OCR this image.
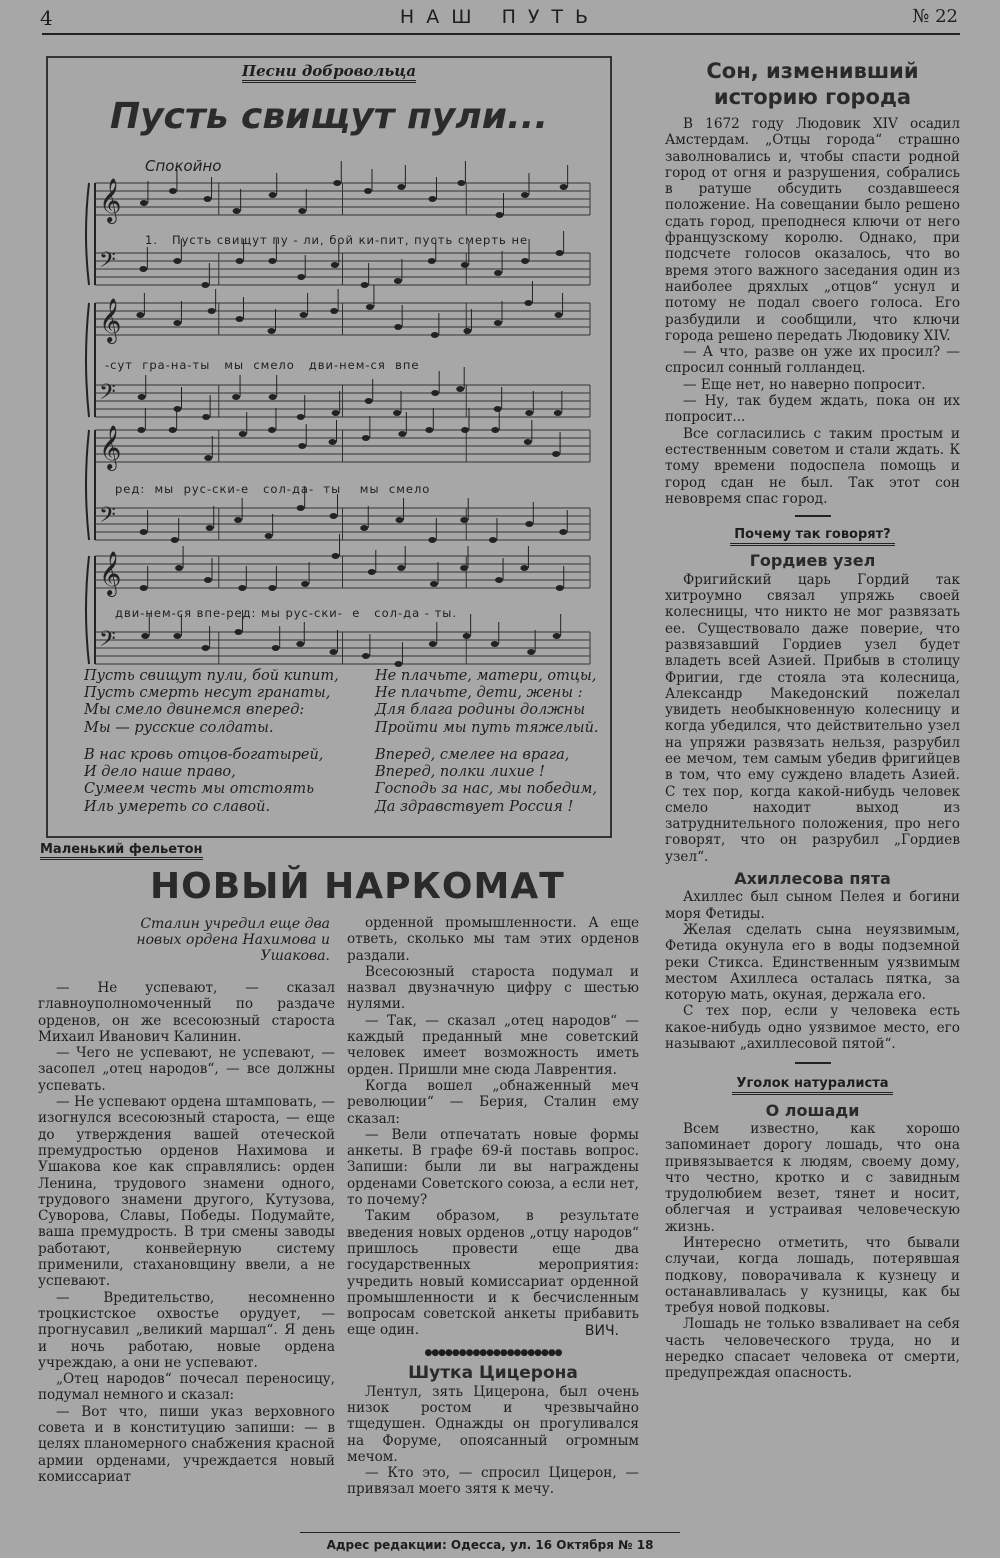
4	НАШ ПУТЬ	№ 22
Песни добровольца
Пусть свищут пули...
Спокойно
𝄞
𝄢
𝄞
𝄢
𝄞
𝄢
𝄞
𝄢
1.   Пусть свищут пу - ли, бой ки-пит, пусть смерть не
-сут  гра-на-ты   мы  смело   дви-нем-ся  впе
ред:  мы  рус-ски-е   сол-да-  ты    мы  смело
дви-нем-ся впе-ред: мы рус-ски-  е   сол-да - ты.
Пусть свищут пули, бой кипит,
Пусть смерть несут гранаты,
Мы смело двинемся вперед:
Мы — русские солдаты.
Не плачьте, матери, отцы,
Не плачьте, дети, жены :
Для блага родины должны
Пройти мы путь тяжелый.
В нас кровь отцов-богатырей,
И дело наше право,
Сумеем честь мы отстоять
Иль умереть со славой.
Вперед, смелее на врага,
Вперед, полки лихие !
Господь за нас, мы победим,
Да здравствует Россия !
Маленький фельетон
НОВЫЙ НАРКОМАТ
Сталин учредил еще два новых ордена Нахимова и Ушакова.

— Не успевают, — сказал главноуполномоченный по раздаче орденов, он же всесоюзный староста Михаил Иванович Калинин.

— Чего не успевают, не успевают, — засопел „отец народов“, — все должны успевать.

— Не успевают ордена штамповать, — изогнулся всесоюзный староста, — еще до утверждения вашей отеческой премудростью орденов Нахимова и Ушакова кое как справлялись: орден Ленина, трудового знамени одного, трудового знамени другого, Кутузова, Суворова, Славы, Победы. Подумайте, ваша премудрость. В три смены заводы работают, конвейерную систему применили, стахановщину ввели, а не успевают.

— Вредительство, несомненно троцкистское охвостье орудует, — прогнусавил „великий маршал“. Я день и ночь работаю, новые ордена учреждаю, а они не успевают.

„Отец народов“ почесал переносицу, подумал немного и сказал:

— Вот что, пиши указ верховного совета и в конституцию запиши: — в целях планомерного снабжения красной армии орденами, учреждается новый комиссариат

орденной промышленности. А еще ответь, сколько мы там этих орденов раздали.

Всесоюзный староста подумал и назвал двузначную цифру с шестью нулями.

— Так, — сказал „отец народов“ — каждый преданный мне советский человек имеет возможность иметь орден. Пришли мне сюда Лаврентия.

Когда вошел „обнаженный меч революции“ — Берия, Сталин ему сказал:

— Вели отпечатать новые формы анкеты. В графе 69-й поставь вопрос. Запиши: были ли вы награждены орденами Советского союза, а если нет, то почему?

Таким образом, в результате введения новых орденов „отцу народов“ пришлось провести еще два государственных мероприятия: учредить новый комиссариат орденной промышленности и к бесчисленным вопросам советской анкеты прибавить еще один.	ВИЧ.
●●●●●●●●●●●●●●●●●●●●
Шутка Цицерона

Лентул, зять Цицерона, был очень низок ростом и чрезвычайно тщедушен. Однажды он прогуливался на Форуме, опоясанный огромным мечом.

— Кто это, — спросил Цицерон, — привязал моего зятя к мечу.

Сон, изменивший историю города

В 1672 году Людовик XIV осадил Амстердам. „Отцы города“ страшно заволновались и, чтобы спасти родной город от огня и разрушения, собрались в ратуше обсудить создавшееся положение. На совещании было решено сдать город, преподнеся ключи от него французскому королю. Однако, при подсчете голосов оказалось, что во время этого важного заседания один из наиболее дряхлых „отцов“ уснул и потому не подал своего голоса. Его разбудили и сообщили, что ключи города решено передать Людовику XIV.

— А что, разве он уже их просил? — спросил сонный голландец.

— Еще нет, но наверно попросит.

— Ну, так будем ждать, пока он их попросит...

Все согласились с таким простым и естественным советом и стали ждать. К тому времени подоспела помощь и город сдан не был. Так этот сон невовремя спас город.

Почему так говорят?
Гордиев узел

Фригийский царь Гордий так хитроумно связал упряжь своей колесницы, что никто не мог развязать ее. Существовало даже поверие, что развязавший Гордиев узел будет владеть всей Азией. Прибыв в столицу Фригии, где стояла эта колесница, Александр Македонский пожелал увидеть необыкновенную колесницу и когда убедился, что действительно узел на упряжи развязать нельзя, разрубил ее мечом, тем самым убедив фригийцев в том, что ему суждено владеть Азией. С тех пор, когда какой-нибудь человек смело находит выход из затруднительного положения, про него говорят, что он разрубил „Гордиев узел“.

Ахиллесова пята

Ахиллес был сыном Пелея и богини моря Фетиды.

Желая сделать сына неуязвимым, Фетида окунула его в воды подземной реки Стикса. Единственным уязвимым местом Ахиллеса осталась пятка, за которую мать, окуная, держала его.

С тех пор, если у человека есть какое-нибудь одно уязвимое место, его называют „ахиллесовой пятой“.

Уголок натуралиста
О лошади

Всем известно, как хорошо запоминает дорогу лошадь, что она привязывается к людям, своему дому, что честно, кротко и с завидным трудолюбием везет, тянет и носит, облегчая и устраивая человеческую жизнь.

Интересно отметить, что бывали случаи, когда лошадь, потерявшая подкову, поворачивала к кузнецу и останавливалась у кузницы, как бы требуя новой подковы.

Лошадь не только взваливает на себя часть человеческого труда, но и нередко спасает человека от смерти, предупреждая опасность.

Адрес редакции: Одесса, ул. 16 Октября № 18
